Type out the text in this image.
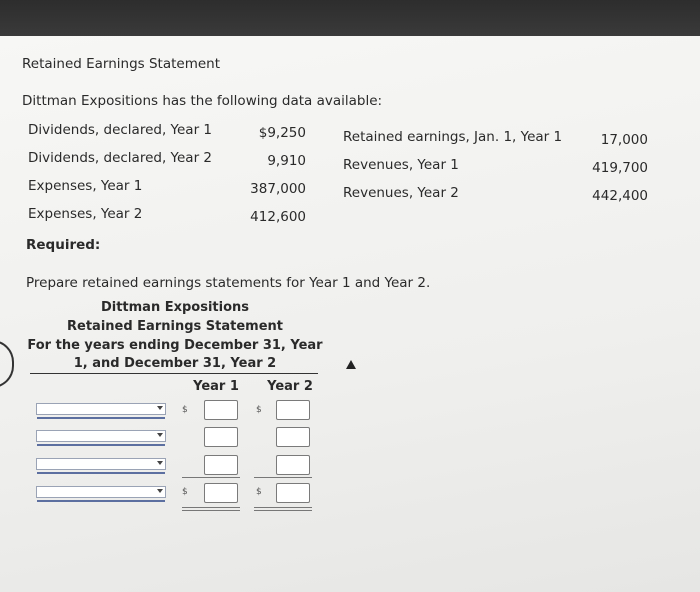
Retained Earnings Statement
Dittman Expositions has the following data available:
Dividends, declared, Year 1	$9,250
Dividends, declared, Year 2	9,910
Expenses, Year 1	387,000
Expenses, Year 2	412,600
Retained earnings, Jan. 1, Year 1	17,000
Revenues, Year 1	419,700
Revenues, Year 2	442,400
Required:
Prepare retained earnings statements for Year 1 and Year 2.
Dittman Expositions
Retained Earnings Statement
For the years ending December 31, Year
1, and December 31, Year 2
Year 1	Year 2
$	$
$	$
